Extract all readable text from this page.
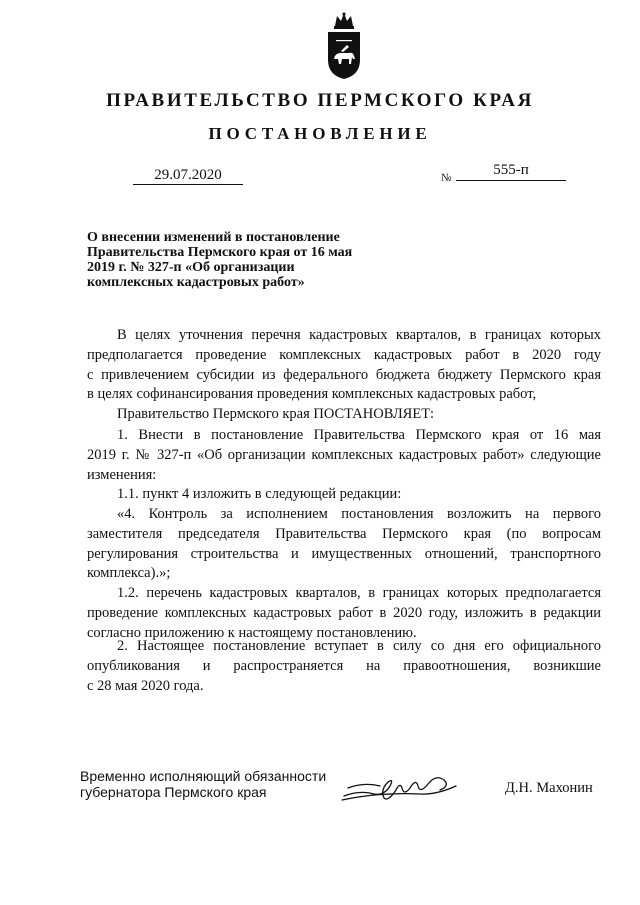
ПРАВИТЕЛЬСТВО ПЕРМСКОГО КРАЯ
ПОСТАНОВЛЕНИЕ
29.07.2020	№	555-п
О внесении изменений в постановление
Правительства Пермского края от 16 мая
2019 г. № 327-п «Об организации
комплексных кадастровых работ»
В целях уточнения перечня кадастровых кварталов, в границах которых
предполагается проведение комплексных кадастровых работ в 2020 году
с привлечением субсидии из федерального бюджета бюджету Пермского края
в целях софинансирования проведения комплексных кадастровых работ,
Правительство Пермского края ПОСТАНОВЛЯЕТ:
1. Внести в постановление Правительства Пермского края от 16 мая
2019 г. № 327-п «Об организации комплексных кадастровых работ» следующие
изменения:
1.1. пункт 4 изложить в следующей редакции:
«4. Контроль за исполнением постановления возложить на первого
заместителя председателя Правительства Пермского края (по вопросам
регулирования строительства и имущественных отношений, транспортного
комплекса).»;
1.2. перечень кадастровых кварталов, в границах которых предполагается
проведение комплексных кадастровых работ в 2020 году, изложить в редакции
согласно приложению к настоящему постановлению.
2. Настоящее постановление вступает в силу со дня его официального
опубликования и распространяется на правоотношения, возникшие
с 28 мая 2020 года.
Временно исполняющий обязанности
губернатора Пермского края	Д.Н. Махонин
